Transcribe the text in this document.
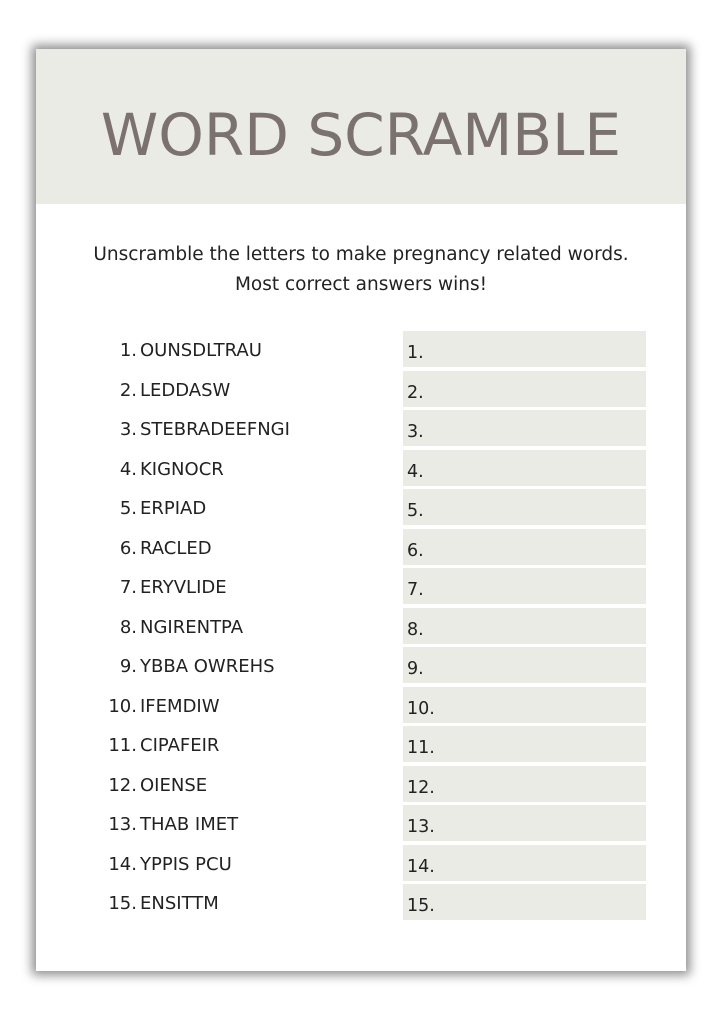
WORD SCRAMBLE
Unscramble the letters to make pregnancy related words. Most correct answers wins!
1. OUNSDLTRAU
2. LEDDASW
3. STEBRADEEFNGI
4. KIGNOCR
5. ERPIAD
6. RACLED
7. ERYVLIDE
8. NGIRENTPA
9. YBBA OWREHS
10. IFEMDIW
11. CIPAFEIR
12. OIENSE
13. THAB IMET
14. YPPIS PCU
15. ENSITTM
1.
2.
3.
4.
5.
6.
7.
8.
9.
10.
11.
12.
13.
14.
15.
